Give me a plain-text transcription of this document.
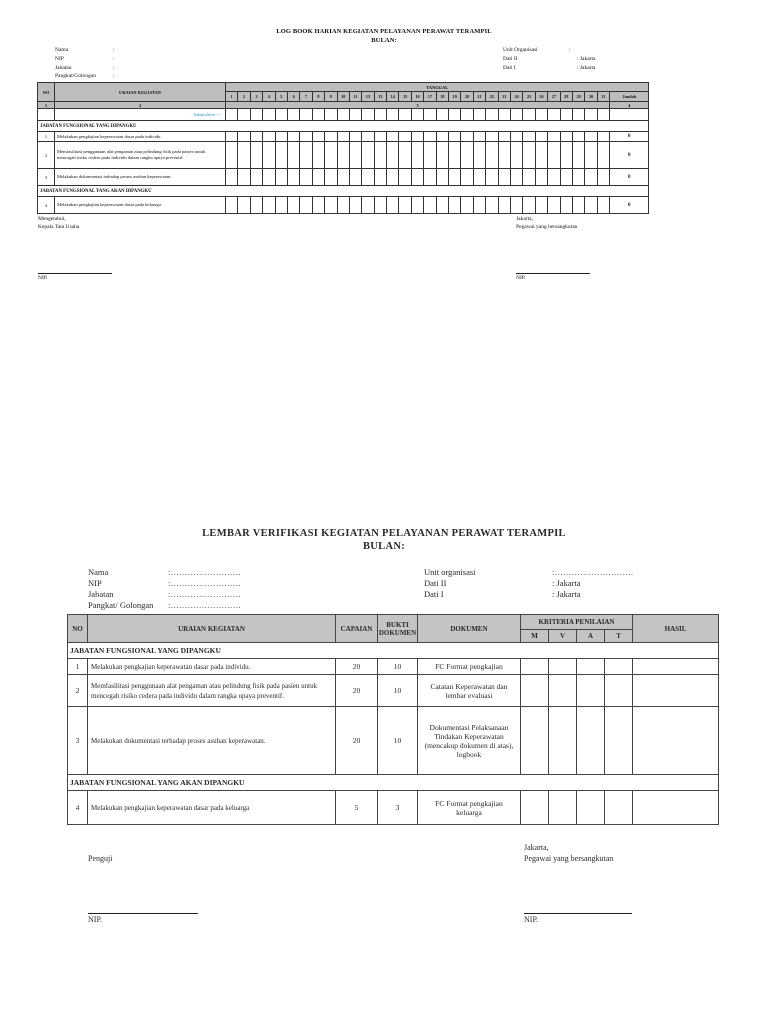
LOG BOOK HARIAN KEGIATAN PELAYANAN PERAWAT TERAMPIL
BULAN:
Nama	:
NIP	:
Jabatan	:
Pangkat/Golongan	:
Unit Organisasi	:
Dati II	: Jakarta
Dati I	: Jakarta
NO	URAIAN KEGIATAN	TANGGAL																															
		1	2	3	4	5	6	7	8	9	10	11	12	13	14	15	16	17	18	19	20	21	22	23	24	25	26	27	28	29	30	31	Jumlah
1	2	3																															4
	Isikan disini -->																																
JABATAN FUNGSIONAL YANG DIPANGKU																																	
1	Melakukan pengkajian keperawatan dasar pada individu.																																0
2	Memfasilitasi penggunaan alat pengaman atau pelindung fisik pada pasien untuk mencegah risiko cedera pada individu dalam rangka upaya preventif.																																0
3	Melakukan dokumentasi terhadap proses asuhan keperawatan.																																0
JABATAN FUNGSIONAL YANG AKAN DIPANGKU																																	
4	Melakukan pengkajian keperawatan dasar pada keluarga																																0
Mengetahui,
Kepala Tata Usaha
NIP.
Jakarta,
Pegawai yang bersangkutan
NIP.
LEMBAR VERIFIKASI KEGIATAN PELAYANAN PERAWAT TERAMPIL
BULAN:
Nama	:…………………….
NIP	:…………………….
Jabatan	:…………………….
Pangkat/ Golongan	:…………………….
Unit organisasi	:……………………….
Dati II	: Jakarta
Dati I	: Jakarta
NO	URAIAN KEGIATAN	CAPAIAN	BUKTI DOKUMEN	DOKUMEN	KRITERIA PENILAIAN				HASIL
					M	V	A	T	
JABATAN FUNGSIONAL YANG DIPANGKU									
1	Melakukan pengkajian keperawatan dasar pada individu.	20	10	FC Format pengkajian					
2	Memfasilitasi penggunaan alat pengaman atau pelindung fisik pada pasien untuk mencegah risiko cedera pada individu dalam rangka upaya preventif.	20	10	Catatan Keperawatan dan lembar evaluasi					
3	Melakukan dokumentasi terhadap proses asuhan keperawatan.	20	10	Dokumentasi Pelaksanaan Tindakan Keperawatan (mencakup dokumen di atas), logbook					
JABATAN FUNGSIONAL YANG AKAN DIPANGKU									
4	Melakukan pengkajian keperawatan dasar pada keluarga	5	3	FC Format pengkajian keluarga					
Penguji
NIP.
Jakarta,
Pegawai yang bersangkutan
NIP.
